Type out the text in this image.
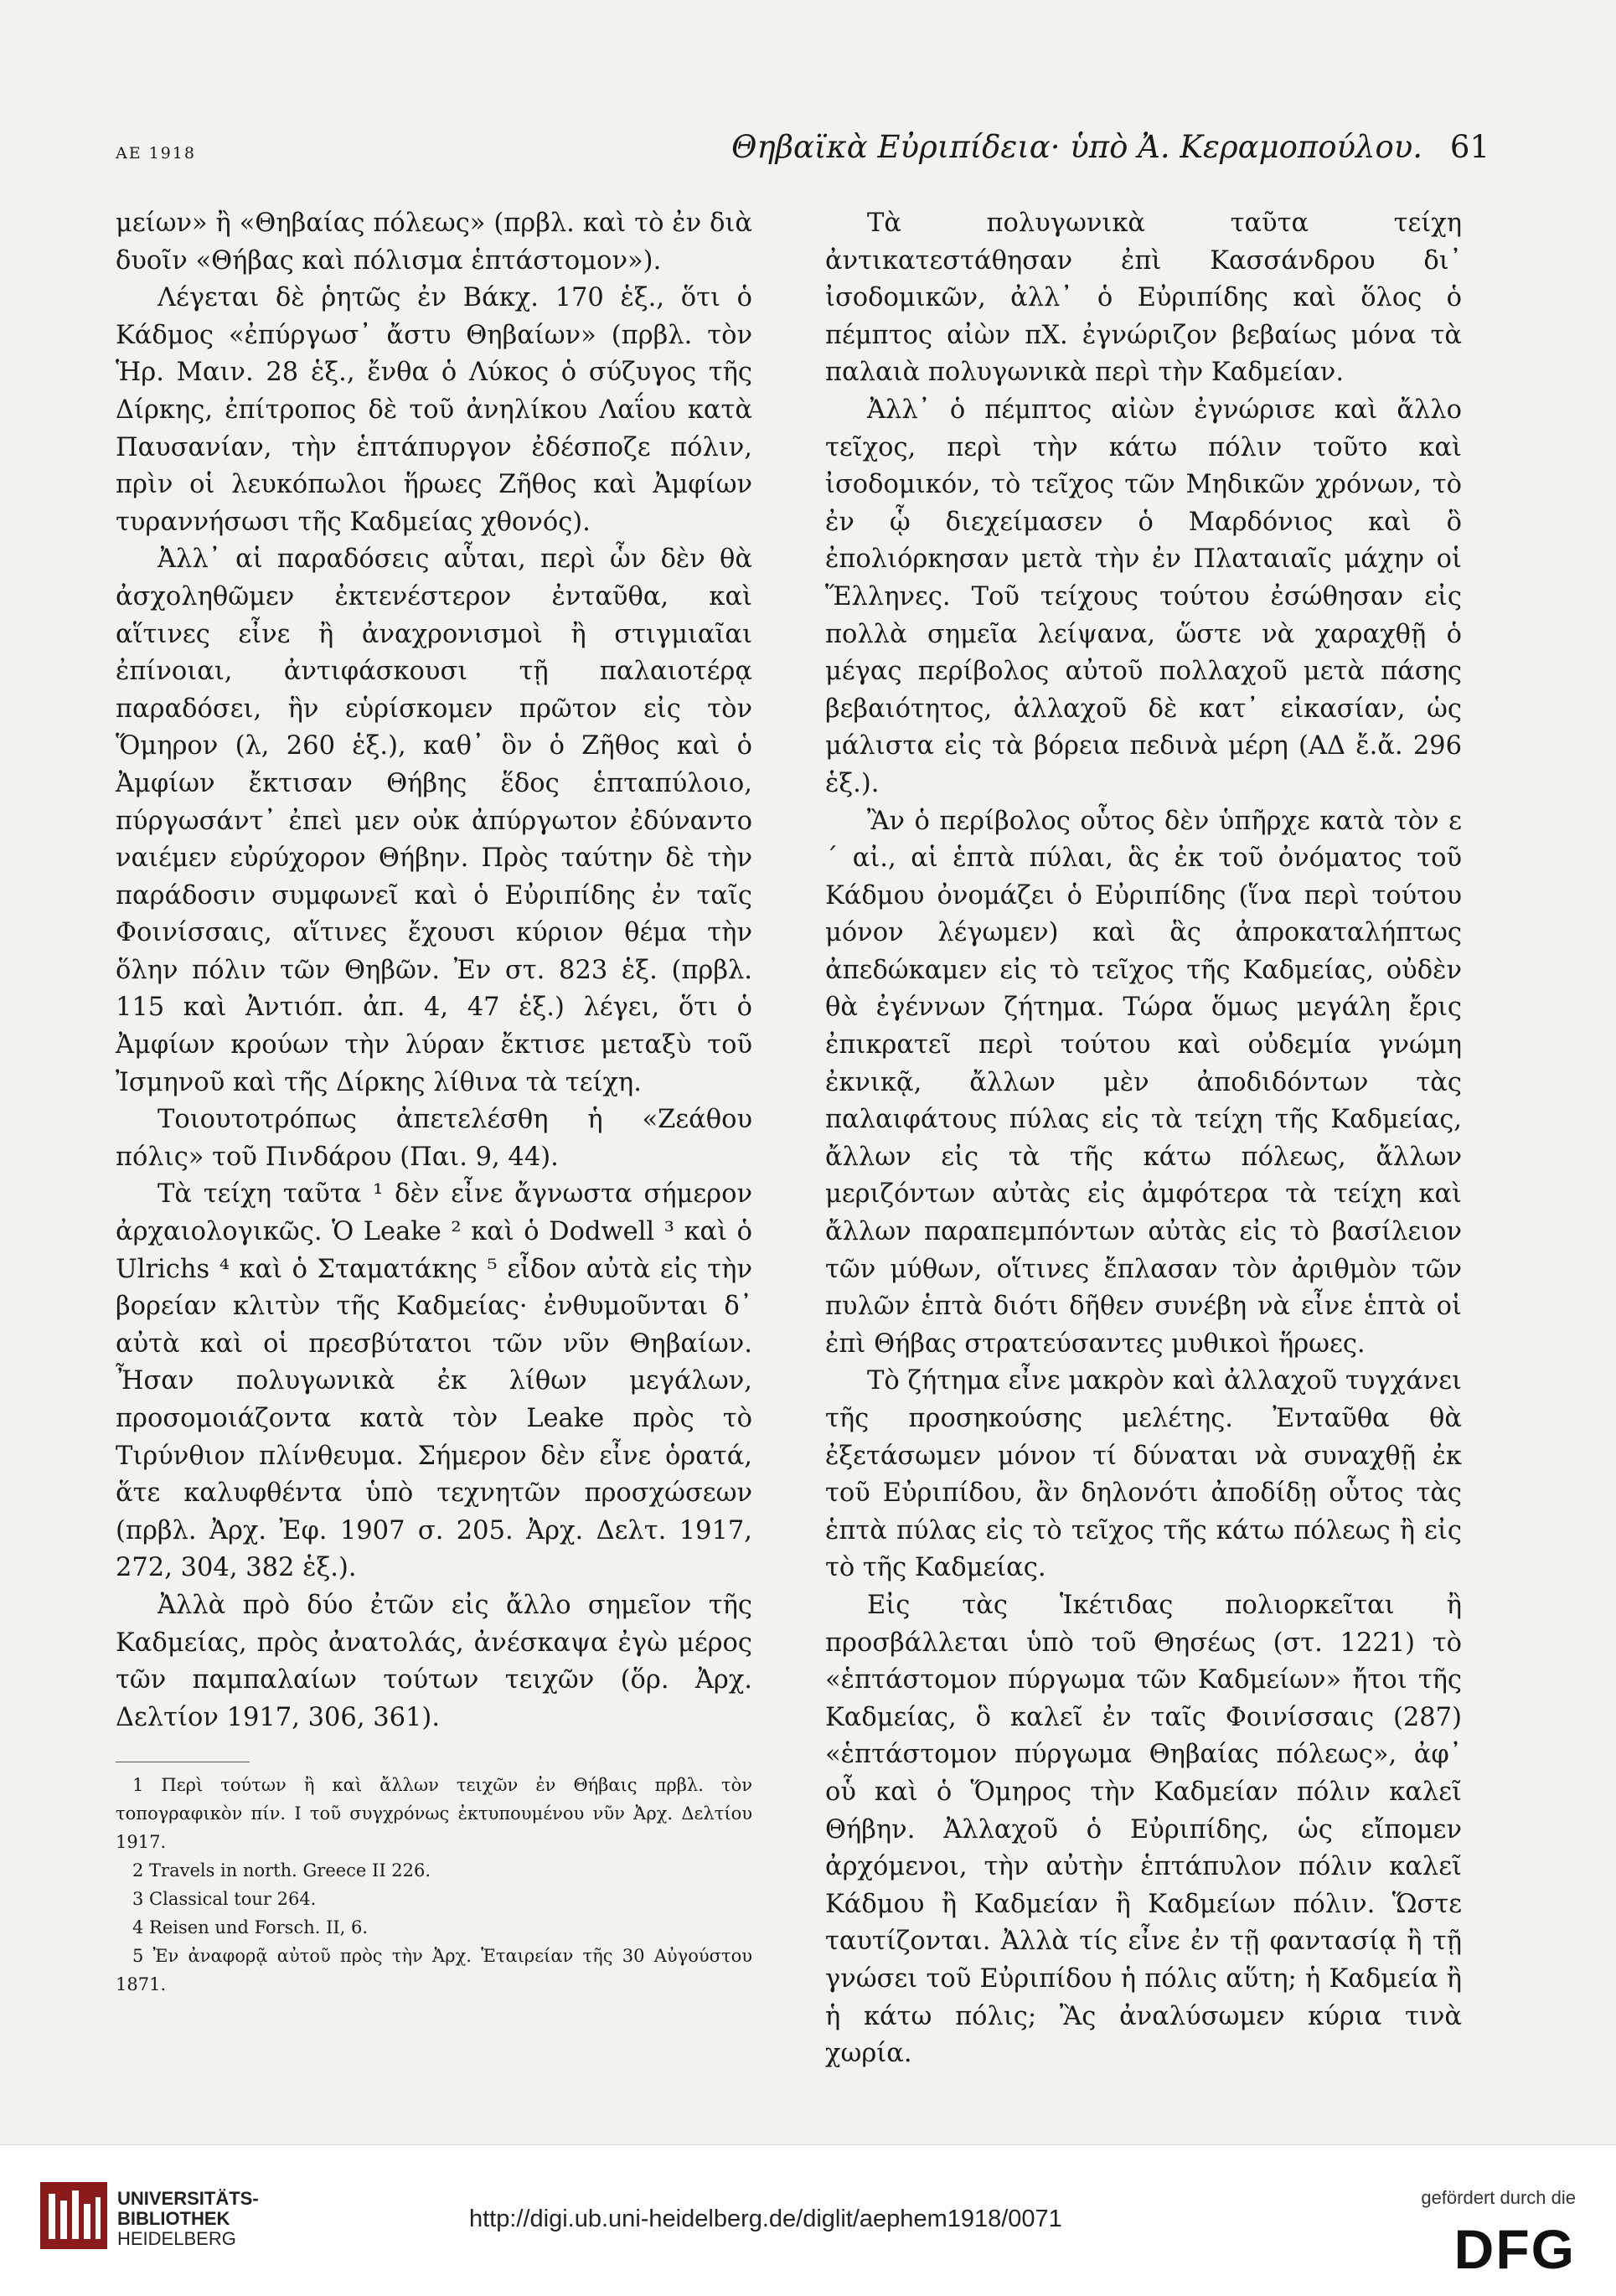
ΑΕ 1918	Θηβαϊκὰ Εὐριπίδεια· ὑπὸ Ἀ. Κεραμοπούλου. 61

μείων» ἢ «Θηβαίας πόλεως» (πρβλ. καὶ τὸ ἐν διὰ δυοῖν «Θήβας καὶ πόλισμα ἑπτάστομον»).

Λέγεται δὲ ῥητῶς ἐν Βάκχ. 170 ἑξ., ὅτι ὁ Κάδμος «ἐπύργωσ᾽ ἄστυ Θηβαίων» (πρβλ. τὸν Ἡρ. Μαιν. 28 ἑξ., ἔνθα ὁ Λύκος ὁ σύζυγος τῆς Δίρκης, ἐπίτροπος δὲ τοῦ ἀνηλίκου Λαΐου κατὰ Παυσανίαν, τὴν ἑπτάπυργον ἐδέσποζε πόλιν, πρὶν οἱ λευκόπωλοι ἥρωες Ζῆθος καὶ Ἀμφίων τυραννήσωσι τῆς Καδμείας χθονός).

Ἀλλ᾽ αἱ παραδόσεις αὗται, περὶ ὧν δὲν θὰ ἀσχοληθῶμεν ἐκτενέστερον ἐνταῦθα, καὶ αἵτινες εἶνε ἢ ἀναχρονισμοὶ ἢ στιγμιαῖαι ἐπίνοιαι, ἀντιφάσκουσι τῇ παλαιοτέρᾳ παραδόσει, ἣν εὑρίσκομεν πρῶτον εἰς τὸν Ὅμηρον (λ, 260 ἑξ.), καθ᾽ ὃν ὁ Ζῆθος καὶ ὁ Ἀμφίων ἔκτισαν Θήβης ἕδος ἑπταπύλοιο, πύργωσάντ᾽ ἐπεὶ μεν οὐκ ἀπύργωτον ἐδύναντο ναιέμεν εὐρύχορον Θήβην. Πρὸς ταύτην δὲ τὴν παράδοσιν συμφωνεῖ καὶ ὁ Εὐριπίδης ἐν ταῖς Φοινίσσαις, αἵτινες ἔχουσι κύριον θέμα τὴν ὅλην πόλιν τῶν Θηβῶν. Ἐν στ. 823 ἑξ. (πρβλ. 115 καὶ Ἀντιόπ. ἀπ. 4, 47 ἑξ.) λέγει, ὅτι ὁ Ἀμφίων κρούων τὴν λύραν ἔκτισε μεταξὺ τοῦ Ἰσμηνοῦ καὶ τῆς Δίρκης λίθινα τὰ τείχη.

Τοιουτοτρόπως ἀπετελέσθη ἡ «Ζεάθου πόλις» τοῦ Πινδάρου (Παι. 9, 44).

Τὰ τείχη ταῦτα ¹ δὲν εἶνε ἄγνωστα σήμερον ἀρχαιολογικῶς. Ὁ Leake ² καὶ ὁ Dodwell ³ καὶ ὁ Ulrichs ⁴ καὶ ὁ Σταματάκης ⁵ εἶδον αὐτὰ εἰς τὴν βορείαν κλιτὺν τῆς Καδμείας· ἐνθυμοῦνται δ᾽ αὐτὰ καὶ οἱ πρεσβύτατοι τῶν νῦν Θηβαίων. Ἦσαν πολυγωνικὰ ἐκ λίθων μεγάλων, προσομοιάζοντα κατὰ τὸν Leake πρὸς τὸ Τιρύνθιον πλίνθευμα. Σήμερον δὲν εἶνε ὁρατά, ἅτε καλυφθέντα ὑπὸ τεχνητῶν προσχώσεων (πρβλ. Ἀρχ. Ἐφ. 1907 σ. 205. Ἀρχ. Δελτ. 1917, 272, 304, 382 ἑξ.).

Ἀλλὰ πρὸ δύο ἐτῶν εἰς ἄλλο σημεῖον τῆς Καδμείας, πρὸς ἀνατολάς, ἀνέσκαψα ἐγὼ μέρος τῶν παμπαλαίων τούτων τειχῶν (ὅρ. Ἀρχ. Δελτίον 1917, 306, 361).

1 Περὶ τούτων ἢ καὶ ἄλλων τειχῶν ἐν Θήβαις πρβλ. τὸν τοπογραφικὸν πίν. I τοῦ συγχρόνως ἐκτυπουμένου νῦν Ἀρχ. Δελτίου 1917.
2 Travels in north. Greece II 226.
3 Classical tour 264.
4 Reisen und Forsch. II, 6.
5 Ἐν ἀναφορᾷ αὐτοῦ πρὸς τὴν Ἀρχ. Ἑταιρείαν τῆς 30 Αὐγούστου 1871.

Τὰ πολυγωνικὰ ταῦτα τείχη ἀντικατεστάθησαν ἐπὶ Κασσάνδρου δι᾽ ἰσοδομικῶν, ἀλλ᾽ ὁ Εὐριπίδης καὶ ὅλος ὁ πέμπτος αἰὼν πΧ. ἐγνώριζον βεβαίως μόνα τὰ παλαιὰ πολυγωνικὰ περὶ τὴν Καδμείαν.

Ἀλλ᾽ ὁ πέμπτος αἰὼν ἐγνώρισε καὶ ἄλλο τεῖχος, περὶ τὴν κάτω πόλιν τοῦτο καὶ ἰσοδομικόν, τὸ τεῖχος τῶν Μηδικῶν χρόνων, τὸ ἐν ᾧ διεχείμασεν ὁ Μαρδόνιος καὶ ὃ ἐπολιόρκησαν μετὰ τὴν ἐν Πλαταιαῖς μάχην οἱ Ἕλληνες. Τοῦ τείχους τούτου ἐσώθησαν εἰς πολλὰ σημεῖα λείψανα, ὥστε νὰ χαραχθῇ ὁ μέγας περίβολος αὐτοῦ πολλαχοῦ μετὰ πάσης βεβαιότητος, ἀλλαχοῦ δὲ κατ᾽ εἰκασίαν, ὡς μάλιστα εἰς τὰ βόρεια πεδινὰ μέρη (ΑΔ ἔ.ἄ. 296 ἑξ.).

Ἂν ὁ περίβολος οὗτος δὲν ὑπῆρχε κατὰ τὸν ε´ αἰ., αἱ ἑπτὰ πύλαι, ἃς ἐκ τοῦ ὀνόματος τοῦ Κάδμου ὀνομάζει ὁ Εὐριπίδης (ἵνα περὶ τούτου μόνον λέγωμεν) καὶ ἃς ἀπροκαταλήπτως ἀπεδώκαμεν εἰς τὸ τεῖχος τῆς Καδμείας, οὐδὲν θὰ ἐγέννων ζήτημα. Τώρα ὅμως μεγάλη ἔρις ἐπικρατεῖ περὶ τούτου καὶ οὐδεμία γνώμη ἐκνικᾷ, ἄλλων μὲν ἀποδιδόντων τὰς παλαιφάτους πύλας εἰς τὰ τείχη τῆς Καδμείας, ἄλλων εἰς τὰ τῆς κάτω πόλεως, ἄλλων μεριζόντων αὐτὰς εἰς ἀμφότερα τὰ τείχη καὶ ἄλλων παραπεμπόντων αὐτὰς εἰς τὸ βασίλειον τῶν μύθων, οἵτινες ἔπλασαν τὸν ἀριθμὸν τῶν πυλῶν ἑπτὰ διότι δῆθεν συνέβη νὰ εἶνε ἑπτὰ οἱ ἐπὶ Θήβας στρατεύσαντες μυθικοὶ ἥρωες.

Τὸ ζήτημα εἶνε μακρὸν καὶ ἀλλαχοῦ τυγχάνει τῆς προσηκούσης μελέτης. Ἐνταῦθα θὰ ἐξετάσωμεν μόνον τί δύναται νὰ συναχθῇ ἐκ τοῦ Εὐριπίδου, ἂν δηλονότι ἀποδίδῃ οὗτος τὰς ἑπτὰ πύλας εἰς τὸ τεῖχος τῆς κάτω πόλεως ἢ εἰς τὸ τῆς Καδμείας.

Εἰς τὰς Ἱκέτιδας πολιορκεῖται ἢ προσβάλλεται ὑπὸ τοῦ Θησέως (στ. 1221) τὸ «ἑπτάστομον πύργωμα τῶν Καδμείων» ἤτοι τῆς Καδμείας, ὃ καλεῖ ἐν ταῖς Φοινίσσαις (287) «ἑπτάστομον πύργωμα Θηβαίας πόλεως», ἀφ᾽ οὗ καὶ ὁ Ὅμηρος τὴν Καδμείαν πόλιν καλεῖ Θήβην. Ἀλλαχοῦ ὁ Εὐριπίδης, ὡς εἴπομεν ἀρχόμενοι, τὴν αὐτὴν ἑπτάπυλον πόλιν καλεῖ Κάδμου ἢ Καδμείαν ἢ Καδμείων πόλιν. Ὥστε ταυτίζονται. Ἀλλὰ τίς εἶνε ἐν τῇ φαντασίᾳ ἢ τῇ γνώσει τοῦ Εὐριπίδου ἡ πόλις αὕτη; ἡ Καδμεία ἢ ἡ κάτω πόλις; Ἂς ἀναλύσωμεν κύρια τινὰ χωρία.

UNIVERSITÄTS-
BIBLIOTHEK
HEIDELBERG
http://digi.ub.uni-heidelberg.de/diglit/aephem1918/0071
gefördert durch die
DFG
